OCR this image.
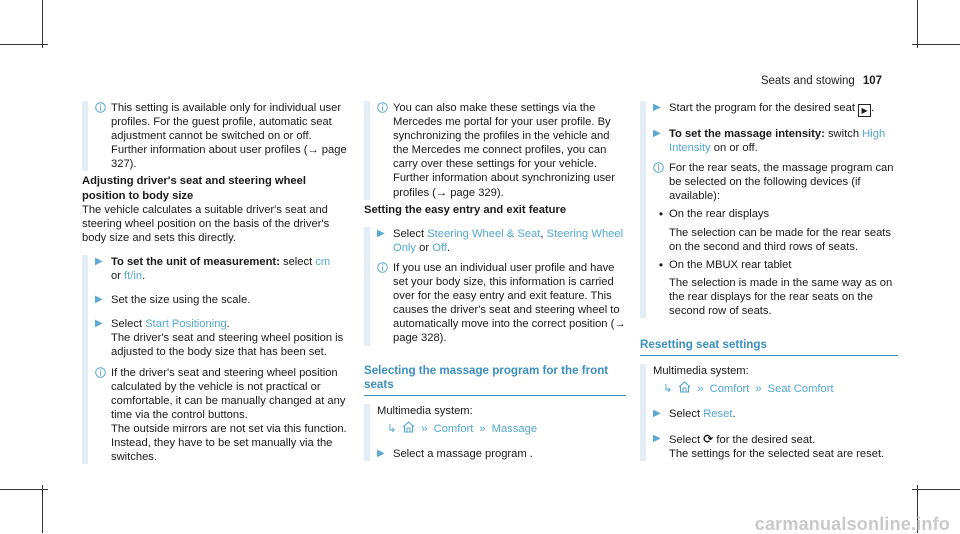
Seats and stowing 107
This setting is available only for individual user profiles. For the guest profile, automatic seat adjustment cannot be switched on or off. Further information about user profiles (→ page 327).
Adjusting driver's seat and steering wheel position to body size
The vehicle calculates a suitable driver's seat and steering wheel position on the basis of the driver's body size and sets this directly.
▶ To set the unit of measurement: select cm
or ft/in.
▶ Set the size using the scale.
▶ Select Start Positioning.
The driver's seat and steering wheel position is adjusted to the body size that has been set.
If the driver's seat and steering wheel position calculated by the vehicle is not practical or comfortable, it can be manually changed at any time via the control buttons.
The outside mirrors are not set via this function. Instead, they have to be set manually via the switches.
You can also make these settings via the Mercedes me portal for your user profile. By synchronizing the profiles in the vehicle and the Mercedes me connect profiles, you can carry over these settings for your vehicle. Further information about synchronizing user profiles (→ page 329).
Setting the easy entry and exit feature
▶ Select Steering Wheel & Seat, Steering Wheel Only or Off.
If you use an individual user profile and have set your body size, this information is carried over for the easy entry and exit feature. This causes the driver's seat and steering wheel to automatically move into the correct position (→ page 328).
Selecting the massage program for the front seats
Multimedia system:
↳ » Comfort » Massage
▶ Select a massage program .
▶ Start the program for the desired seat ▶ .
▶ To set the massage intensity: switch High Intensity on or off.
For the rear seats, the massage program can be selected on the following devices (if available):
• On the rear displays

The selection can be made for the rear seats on the second and third rows of seats.
• On the MBUX rear tablet

The selection is made in the same way as on the rear displays for the rear seats on the second row of seats.
Resetting seat settings
Multimedia system:
↳ » Comfort » Seat Comfort
▶ Select Reset.
▶ Select ⟳ for the desired seat.
The settings for the selected seat are reset.
carmanualsonline.info
